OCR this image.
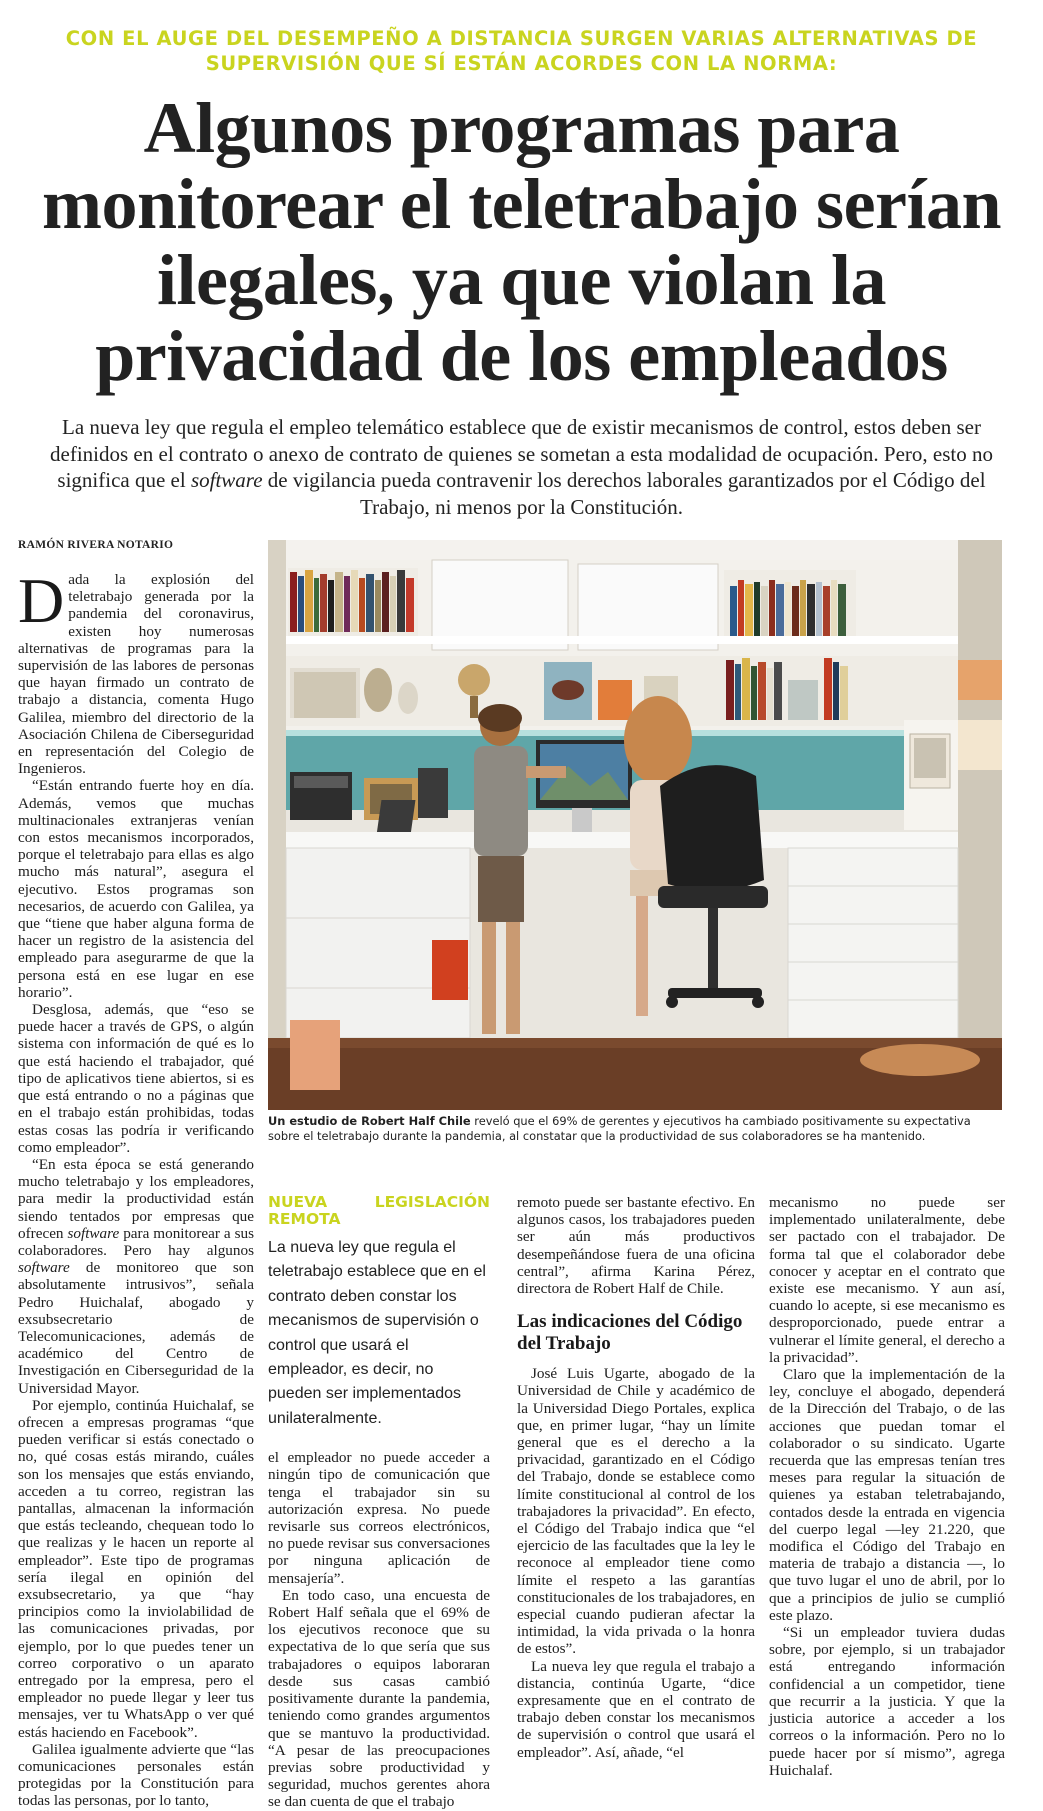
CON EL AUGE DEL DESEMPEÑO A DISTANCIA SURGEN VARIAS ALTERNATIVAS DE SUPERVISIÓN QUE SÍ ESTÁN ACORDES CON LA NORMA:
Algunos programas para monitorear el teletrabajo serían ilegales, ya que violan la privacidad de los empleados

La nueva ley que regula el empleo telemático establece que de existir mecanismos de control, estos deben ser definidos en el contrato o anexo de contrato de quienes se sometan a esta modalidad de ocupación. Pero, esto no significa que el software de vigilancia pueda contravenir los derechos laborales garantizados por el Código del Trabajo, ni menos por la Constitución.

RAMÓN RIVERA NOTARIO

Dada la explosión del teletrabajo generada por la pandemia del coronavirus, existen hoy numerosas alternativas de programas para la supervisión de las labores de personas que hayan firmado un contrato de trabajo a distancia, comenta Hugo Galilea, miembro del directorio de la Asociación Chilena de Ciberseguridad en representación del Colegio de Ingenieros.

“Están entrando fuerte hoy en día. Además, vemos que muchas multinacionales extranjeras venían con estos mecanismos incorporados, porque el teletrabajo para ellas es algo mucho más natural”, asegura el ejecutivo. Estos programas son necesarios, de acuerdo con Galilea, ya que “tiene que haber alguna forma de hacer un registro de la asistencia del empleado para asegurarme de que la persona está en ese lugar en ese horario”.

Desglosa, además, que “eso se puede hacer a través de GPS, o algún sistema con información de qué es lo que está haciendo el trabajador, qué tipo de aplicativos tiene abiertos, si es que está entrando o no a páginas que en el trabajo están prohibidas, todas estas cosas las podría ir verificando como empleador”.

“En esta época se está generando mucho teletrabajo y los empleadores, para medir la productividad están siendo tentados por empresas que ofrecen software para monitorear a sus colaboradores. Pero hay algunos software de monitoreo que son absolutamente intrusivos”, señala Pedro Huichalaf, abogado y exsubsecretario de Telecomunicaciones, además de académico del Centro de Investigación en Ciberseguridad de la Universidad Mayor.

Por ejemplo, continúa Huichalaf, se ofrecen a empresas programas “que pueden verificar si estás conectado o no, qué cosas estás mirando, cuáles son los mensajes que estás enviando, acceden a tu correo, registran las pantallas, almacenan la información que estás tecleando, chequean todo lo que realizas y le hacen un reporte al empleador”. Este tipo de programas sería ilegal en opinión del exsubsecretario, ya que “hay principios como la inviolabilidad de las comunicaciones privadas, por ejemplo, por lo que puedes tener un correo corporativo o un aparato entregado por la empresa, pero el empleador no puede llegar y leer tus mensajes, ver tu WhatsApp o ver qué estás haciendo en Facebook”.

Galilea igualmente advierte que “las comunicaciones personales están protegidas por la Constitución para todas las personas, por lo tanto,

Un estudio de Robert Half Chile reveló que el 69% de gerentes y ejecutivos ha cambiado positivamente su expectativa sobre el teletrabajo durante la pandemia, al constatar que la productividad de sus colaboradores se ha mantenido.
NUEVA LEGISLACIÓN REMOTA
La nueva ley que regula el teletrabajo establece que en el contrato deben constar los mecanismos de supervisión o control que usará el empleador, es decir, no pueden ser implementados unilateralmente.

el empleador no puede acceder a ningún tipo de comunicación que tenga el trabajador sin su autorización expresa. No puede revisarle sus correos electrónicos, no puede revisar sus conversaciones por ninguna aplicación de mensajería”.

En todo caso, una encuesta de Robert Half señala que el 69% de los ejecutivos reconoce que su expectativa de lo que sería que sus trabajadores o equipos laboraran desde sus casas cambió positivamente durante la pandemia, teniendo como grandes argumentos que se mantuvo la productividad. “A pesar de las preocupaciones previas sobre productividad y seguridad, muchos gerentes ahora se dan cuenta de que el trabajo

remoto puede ser bastante efectivo. En algunos casos, los trabajadores pueden ser aún más productivos desempeñándose fuera de una oficina central”, afirma Karina Pérez, directora de Robert Half de Chile.

Las indicaciones del Código del Trabajo

José Luis Ugarte, abogado de la Universidad de Chile y académico de la Universidad Diego Portales, explica que, en primer lugar, “hay un límite general que es el derecho a la privacidad, garantizado en el Código del Trabajo, donde se establece como límite constitucional al control de los trabajadores la privacidad”. En efecto, el Código del Trabajo indica que “el ejercicio de las facultades que la ley le reconoce al empleador tiene como límite el respeto a las garantías constitucionales de los trabajadores, en especial cuando pudieran afectar la intimidad, la vida privada o la honra de estos”.

La nueva ley que regula el trabajo a distancia, continúa Ugarte, “dice expresamente que en el contrato de trabajo deben constar los mecanismos de supervisión o control que usará el empleador”. Así, añade, “el

mecanismo no puede ser implementado unilateralmente, debe ser pactado con el trabajador. De forma tal que el colaborador debe conocer y aceptar en el contrato que existe ese mecanismo. Y aun así, cuando lo acepte, si ese mecanismo es desproporcionado, puede entrar a vulnerar el límite general, el derecho a la privacidad”.

Claro que la implementación de la ley, concluye el abogado, dependerá de la Dirección del Trabajo, o de las acciones que puedan tomar el colaborador o su sindicato. Ugarte recuerda que las empresas tenían tres meses para regular la situación de quienes ya estaban teletrabajando, contados desde la entrada en vigencia del cuerpo legal —ley 21.220, que modifica el Código del Trabajo en materia de trabajo a distancia —, lo que tuvo lugar el uno de abril, por lo que a principios de julio se cumplió este plazo.

“Si un empleador tuviera dudas sobre, por ejemplo, si un trabajador está entregando información confidencial a un competidor, tiene que recurrir a la justicia. Y que la justicia autorice a acceder a los correos o la información. Pero no lo puede hacer por sí mismo”, agrega Huichalaf.
